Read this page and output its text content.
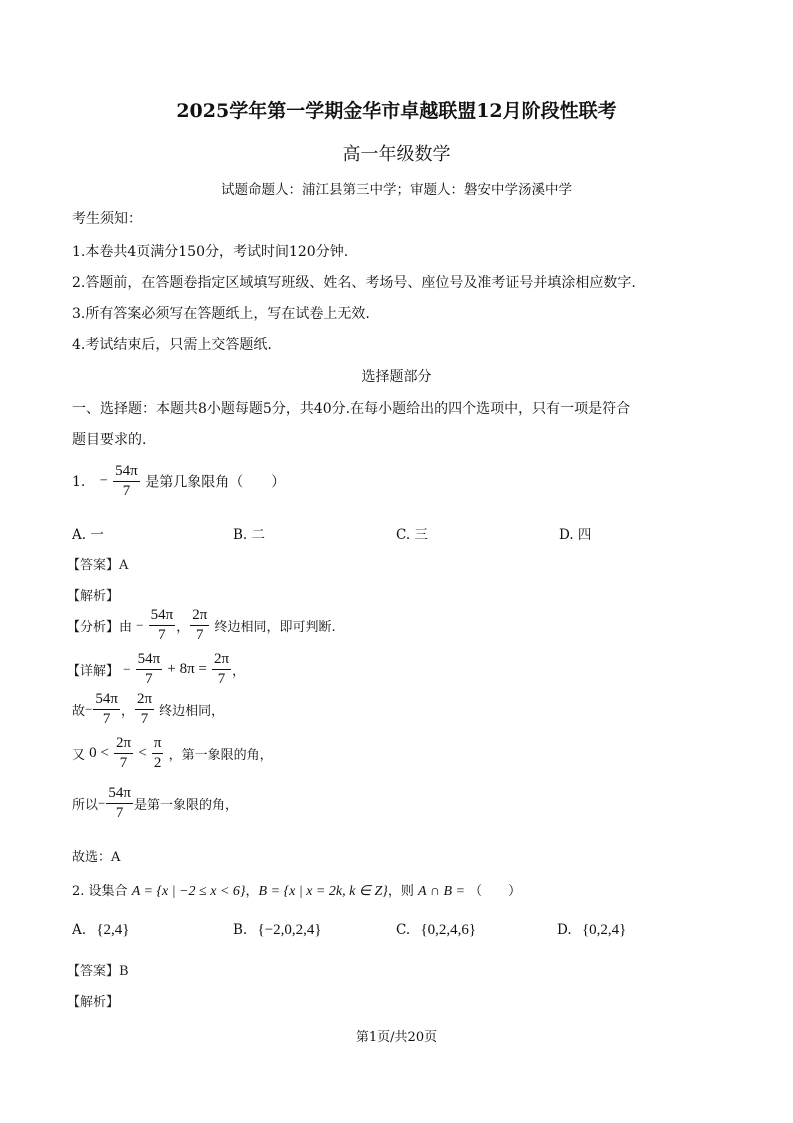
2025学年第一学期金华市卓越联盟12月阶段性联考
高一年级数学
试题命题人：浦江县第三中学；审题人：磐安中学汤溪中学
考生须知：
1.本卷共4页满分150分，考试时间120分钟.
2.答题前，在答题卷指定区域填写班级、姓名、考场号、座位号及准考证号并填涂相应数字.
3.所有答案必须写在答题纸上，写在试卷上无效.
4.考试结束后，只需上交答题纸.
选择题部分
一、选择题：本题共8小题每题5分，共40分.在每小题给出的四个选项中，只有一项是符合
题目要求的.
1. − $\frac{54\pi}{7}$ 是第几象限角（　　）
A. 一	B. 二	C. 三	D. 四
【答案】A
【解析】
【分析】由 − $\frac{54\pi}{7}$ ， $\frac{2\pi}{7}$ 终边相同，即可判断.
【详解】 − $\frac{54\pi}{7} + 8\pi = \frac{2\pi}{7}$ ，
故− $\frac{54\pi}{7}$ ， $\frac{2\pi}{7}$ 终边相同，
又 $0 < \frac{2\pi}{7} < \frac{\pi}{2}$ ，第一象限的角，
所以− $\frac{54\pi}{7}$ 是第一象限的角，
故选：A
2. 设集合 A = {x | −2 ≤ x < 6}，B = {x | x = 2k, k ∈ Z}，则 A ∩ B = （　　）
A. {2,4}	B. {−2,0,2,4}	C. {0,2,4,6}	D. {0,2,4}
【答案】B
【解析】
第1页/共20页
